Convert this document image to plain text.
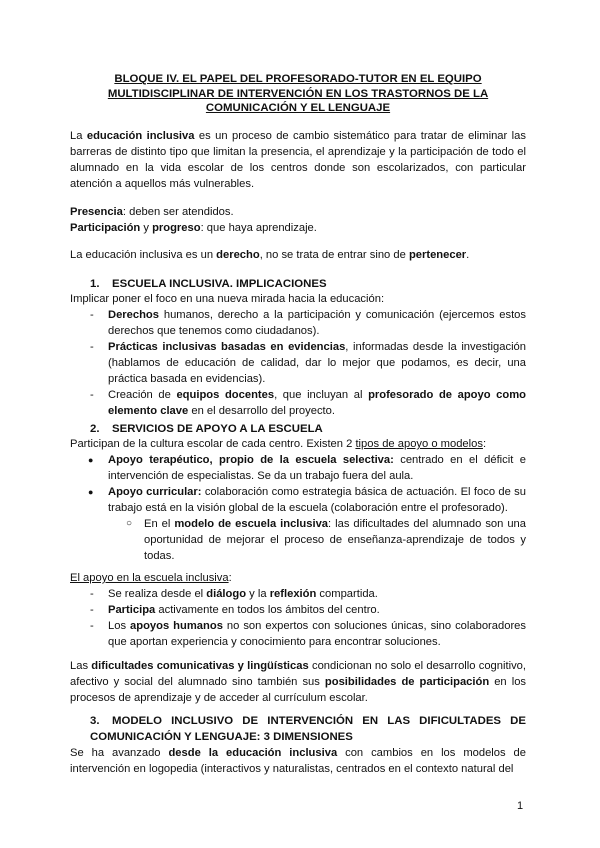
BLOQUE IV. EL PAPEL DEL PROFESORADO-TUTOR EN EL EQUIPO MULTIDISCIPLINAR DE INTERVENCIÓN EN LOS TRASTORNOS DE LA COMUNICACIÓN Y EL LENGUAJE
La educación inclusiva es un proceso de cambio sistemático para tratar de eliminar las barreras de distinto tipo que limitan la presencia, el aprendizaje y la participación de todo el alumnado en la vida escolar de los centros donde son escolarizados, con particular atención a aquellos más vulnerables.
Presencia: deben ser atendidos.
Participación y progreso: que haya aprendizaje.
La educación inclusiva es un derecho, no se trata de entrar sino de pertenecer.
1. ESCUELA INCLUSIVA. IMPLICACIONES
Implicar poner el foco en una nueva mirada hacia la educación:
- Derechos humanos, derecho a la participación y comunicación (ejercemos estos derechos que tenemos como ciudadanos).
- Prácticas inclusivas basadas en evidencias, informadas desde la investigación (hablamos de educación de calidad, dar lo mejor que podamos, es decir, una práctica basada en evidencias).
- Creación de equipos docentes, que incluyan al profesorado de apoyo como elemento clave en el desarrollo del proyecto.
2. SERVICIOS DE APOYO A LA ESCUELA
Participan de la cultura escolar de cada centro. Existen 2 tipos de apoyo o modelos:
● Apoyo terapéutico, propio de la escuela selectiva: centrado en el déficit e intervención de especialistas. Se da un trabajo fuera del aula.
● Apoyo curricular: colaboración como estrategia básica de actuación. El foco de su trabajo está en la visión global de la escuela (colaboración entre el profesorado).
○ En el modelo de escuela inclusiva: las dificultades del alumnado son una oportunidad de mejorar el proceso de enseñanza-aprendizaje de todos y todas.
El apoyo en la escuela inclusiva:
- Se realiza desde el diálogo y la reflexión compartida.
- Participa activamente en todos los ámbitos del centro.
- Los apoyos humanos no son expertos con soluciones únicas, sino colaboradores que aportan experiencia y conocimiento para encontrar soluciones.
Las dificultades comunicativas y lingüísticas condicionan no solo el desarrollo cognitivo, afectivo y social del alumnado sino también sus posibilidades de participación en los procesos de aprendizaje y de acceder al currículum escolar.
3. MODELO INCLUSIVO DE INTERVENCIÓN EN LAS DIFICULTADES DE COMUNICACIÓN Y LENGUAJE: 3 DIMENSIONES
Se ha avanzado desde la educación inclusiva con cambios en los modelos de intervención en logopedia (interactivos y naturalistas, centrados en el contexto natural del
1
